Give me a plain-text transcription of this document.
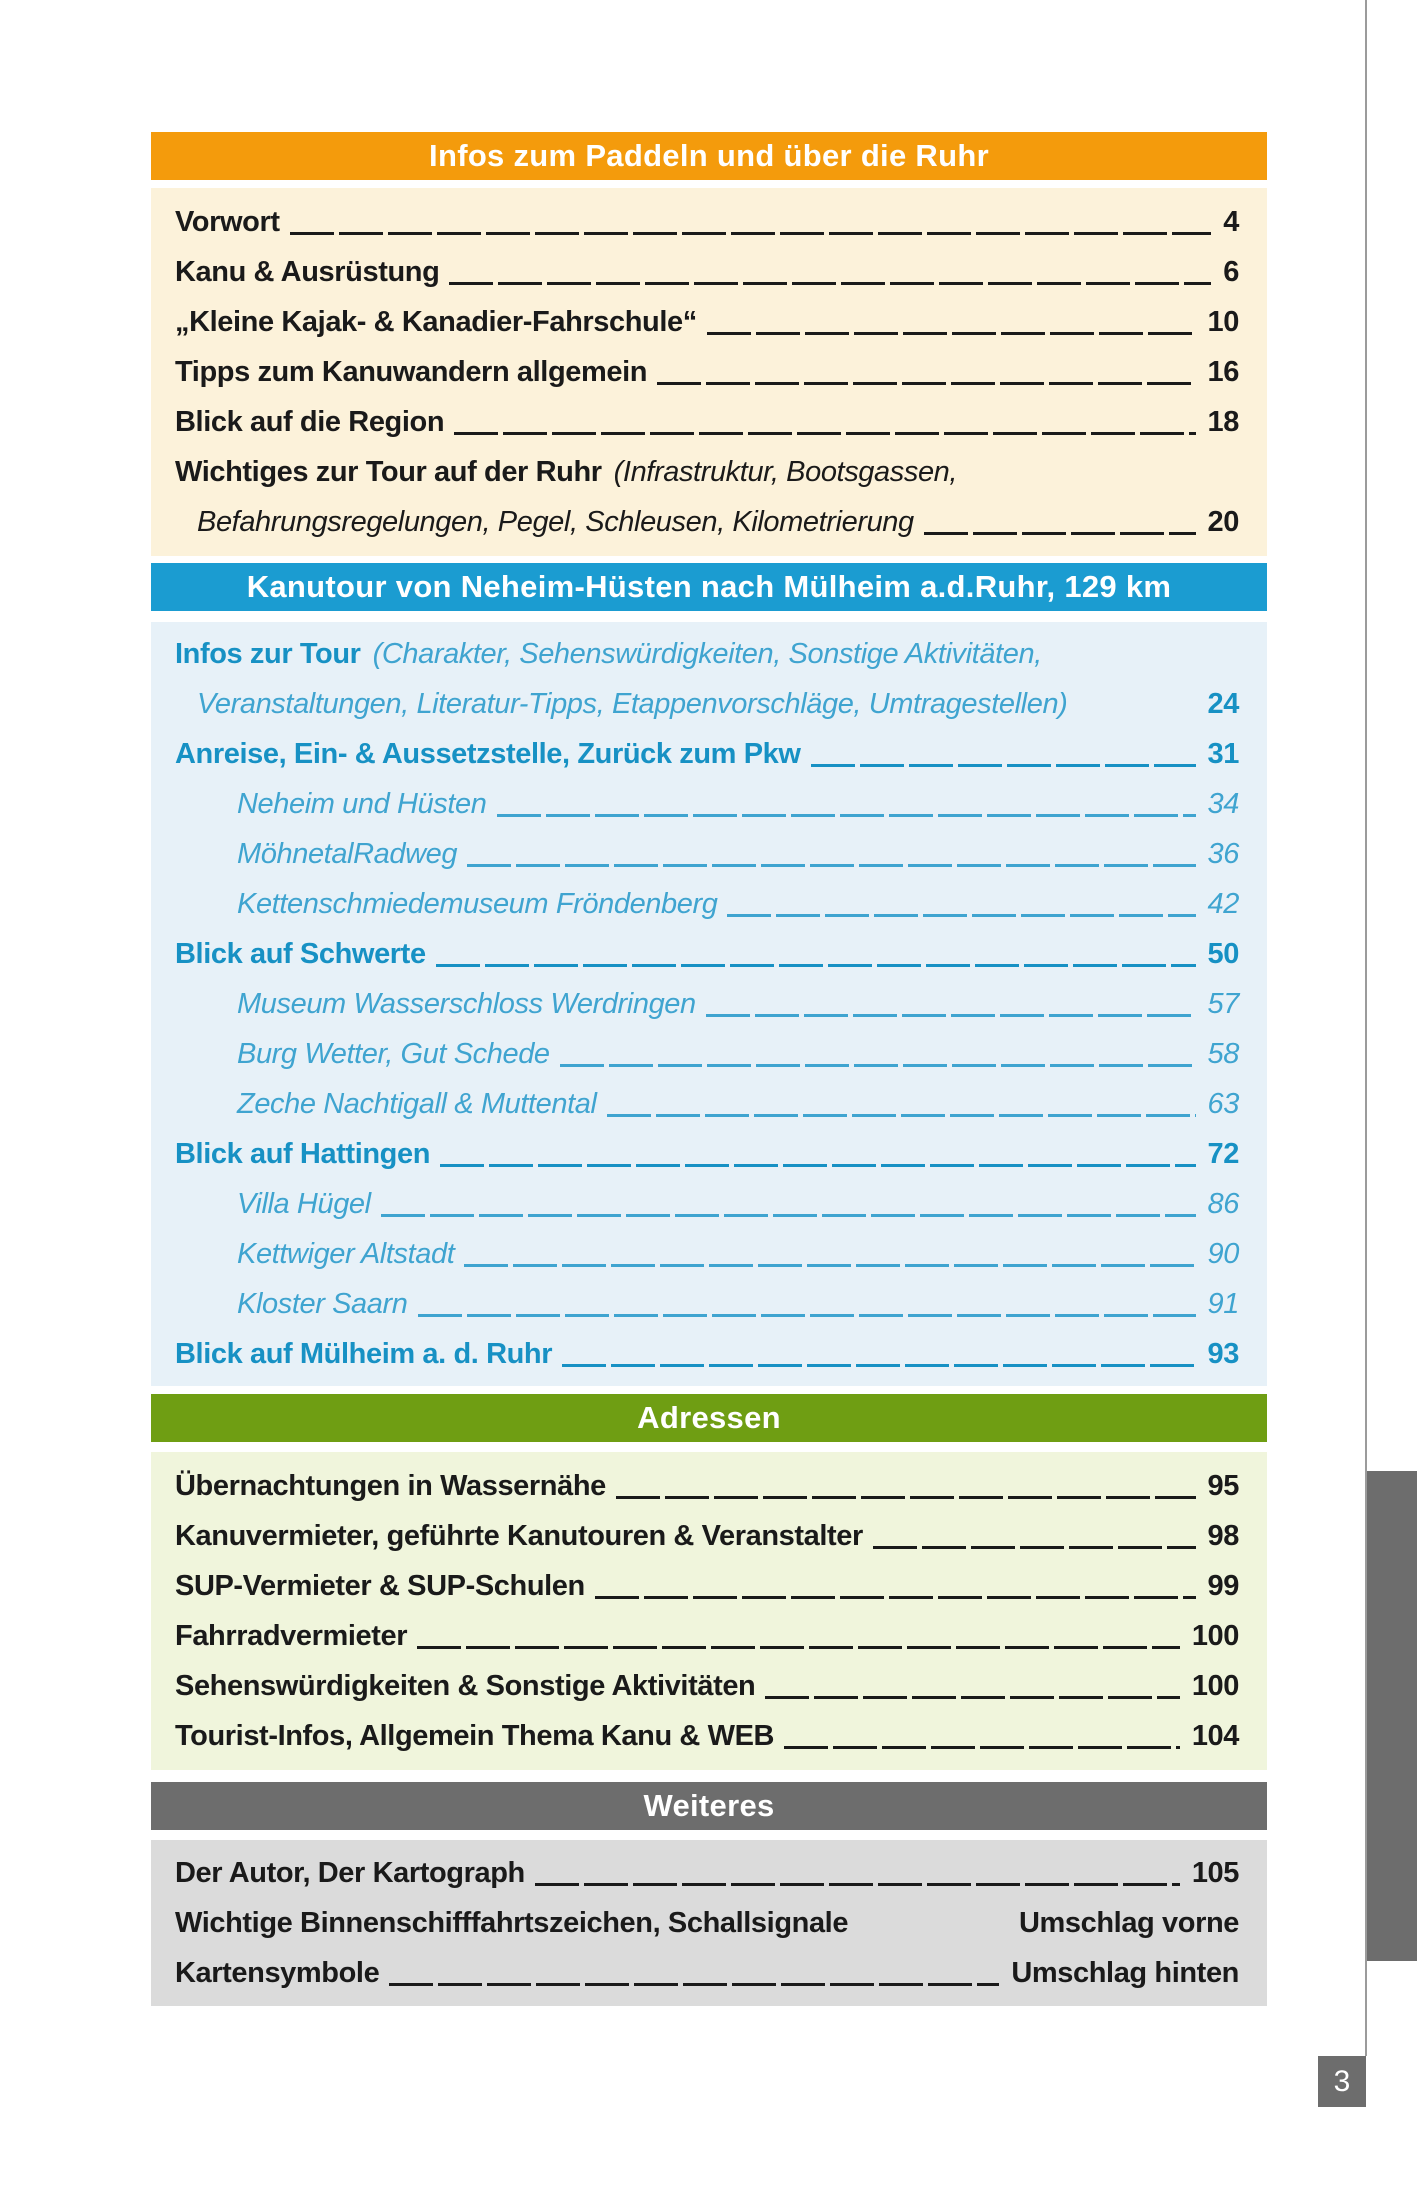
Infos zum Paddeln und über die Ruhr
Vorwort	4
Kanu & Ausrüstung	6
„Kleine Kajak- & Kanadier-Fahrschule“	10
Tipps zum Kanuwandern allgemein	16
Blick auf die Region	18
Wichtiges zur Tour auf der Ruhr (Infrastruktur, Bootsgassen,
Befahrungsregelungen, Pegel, Schleusen, Kilometrierung	20
Kanutour von Neheim-Hüsten nach Mülheim a.d.Ruhr, 129 km
Infos zur Tour (Charakter, Sehenswürdigkeiten, Sonstige Aktivitäten,
Veranstaltungen, Literatur-Tipps, Etappenvorschläge, Umtragestellen)	24
Anreise, Ein- & Aussetzstelle, Zurück zum Pkw	31
Neheim und Hüsten	34
MöhnetalRadweg	36
Kettenschmiedemuseum Fröndenberg	42
Blick auf Schwerte	50
Museum Wasserschloss Werdringen	57
Burg Wetter, Gut Schede	58
Zeche Nachtigall & Muttental	63
Blick auf Hattingen	72
Villa Hügel	86
Kettwiger Altstadt	90
Kloster Saarn	91
Blick auf Mülheim a. d. Ruhr	93
Adressen
Übernachtungen in Wassernähe	95
Kanuvermieter, geführte Kanutouren & Veranstalter	98
SUP-Vermieter & SUP-Schulen	99
Fahrradvermieter	100
Sehenswürdigkeiten & Sonstige Aktivitäten	100
Tourist-Infos, Allgemein Thema Kanu & WEB	104
Weiteres
Der Autor, Der Kartograph	105
Wichtige Binnenschifffahrtszeichen, Schallsignale	Umschlag vorne
Kartensymbole	Umschlag hinten
3
